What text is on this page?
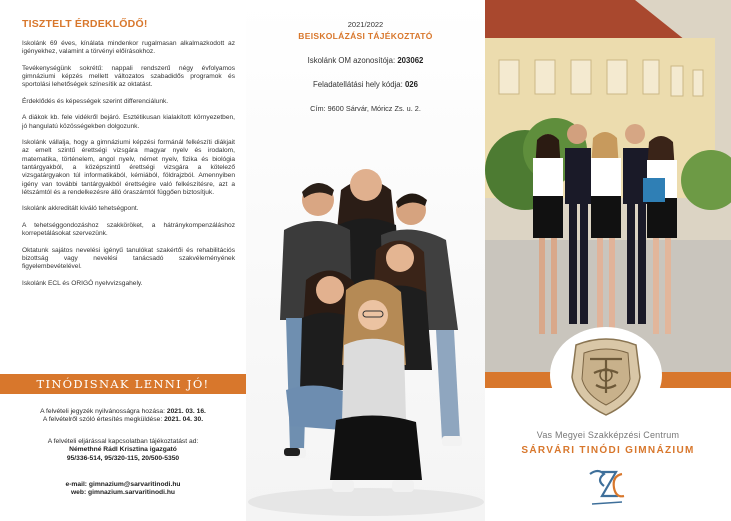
TISZTELT ÉRDEKLŐDŐ!

Iskolánk 69 éves, kínálata mindenkor rugalmasan alkalmazkodott az igényekhez, valamint a törvényi előírásokhoz.

Tevékenységünk sokrétű: nappali rendszerű négy évfolyamos gimnáziumi képzés mellett változatos szabadidős programok és sportolási lehetőségek színesítik az oktatást.

Érdeklődés és képességek szerint differenciálunk.

A diákok kb. fele vidékről bejáró. Esztétikusan kialakított környezetben, jó hangulatú közösségekben dolgozunk.

Iskolánk vállalja, hogy a gimnáziumi képzési formánál felkészíti diákjait az emelt szintű érettségi vizsgára magyar nyelv és irodalom, matematika, történelem, angol nyelv, német nyelv, fizika és biológia tantárgyakból, a középszintű érettségi vizsgára a kötelező vizsgatárgyakon túl informatikából, kémiából, földrajzból. Amennyiben igény van további tantárgyakból érettségire való felkészítésre, azt a létszámtól és a rendelkezésre álló óraszámtól függően biztosítjuk.

Iskolánk akkreditált kiváló tehetségpont.

A tehetséggondozáshoz szakköröket, a hátránykompenzáláshoz korrepetálásokat szervezünk.

Oktatunk sajátos nevelési igényű tanulókat szakértői és rehabilitációs bizottság vagy nevelési tanácsadó szakvéleményének figyelembevételével.

Iskolánk ECL és ORIGÓ nyelvvizsgahely.

TINÓDISNAK LENNI JÓ!
A felvételi jegyzék nyilvánosságra hozása: 2021. 03. 16.
A felvételről szóló értesítés megküldése: 2021. 04. 30.
A felvételi eljárással kapcsolatban tájékoztatást ad:
Némethné Rádl Krisztina igazgató
95/336-514, 95/320-115, 20/500-5350
e-mail: gimnazium@sarvaritinodi.hu
web: gimnazium.sarvaritinodi.hu
2021/2022
BEISKOLÁZÁSI TÁJÉKOZTATÓ
Iskolánk OM azonosítója: 203062
Feladatellátási hely kódja: 026
Cím: 9600 Sárvár, Móricz Zs. u. 2.
Vas Megyei Szakképzési Centrum
SÁRVÁRI TINÓDI GIMNÁZIUM
